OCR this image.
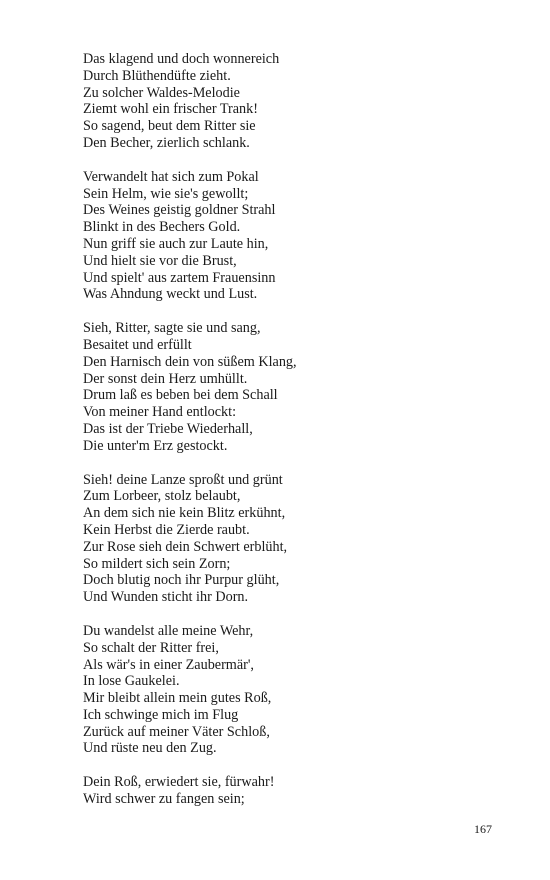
Das klagend und doch wonnereich
Durch Blüthendüfte zieht.
Zu solcher Waldes-Melodie
Ziemt wohl ein frischer Trank!
So sagend, beut dem Ritter sie
Den Becher, zierlich schlank.
Verwandelt hat sich zum Pokal
Sein Helm, wie sie's gewollt;
Des Weines geistig goldner Strahl
Blinkt in des Bechers Gold.
Nun griff sie auch zur Laute hin,
Und hielt sie vor die Brust,
Und spielt' aus zartem Frauensinn
Was Ahndung weckt und Lust.
Sieh, Ritter, sagte sie und sang,
Besaitet und erfüllt
Den Harnisch dein von süßem Klang,
Der sonst dein Herz umhüllt.
Drum laß es beben bei dem Schall
Von meiner Hand entlockt:
Das ist der Triebe Wiederhall,
Die unter'm Erz gestockt.
Sieh! deine Lanze sproßt und grünt
Zum Lorbeer, stolz belaubt,
An dem sich nie kein Blitz erkühnt,
Kein Herbst die Zierde raubt.
Zur Rose sieh dein Schwert erblüht,
So mildert sich sein Zorn;
Doch blutig noch ihr Purpur glüht,
Und Wunden sticht ihr Dorn.
Du wandelst alle meine Wehr,
So schalt der Ritter frei,
Als wär's in einer Zaubermär',
In lose Gaukelei.
Mir bleibt allein mein gutes Roß,
Ich schwinge mich im Flug
Zurück auf meiner Väter Schloß,
Und rüste neu den Zug.
Dein Roß, erwiedert sie, fürwahr!
Wird schwer zu fangen sein;
167
